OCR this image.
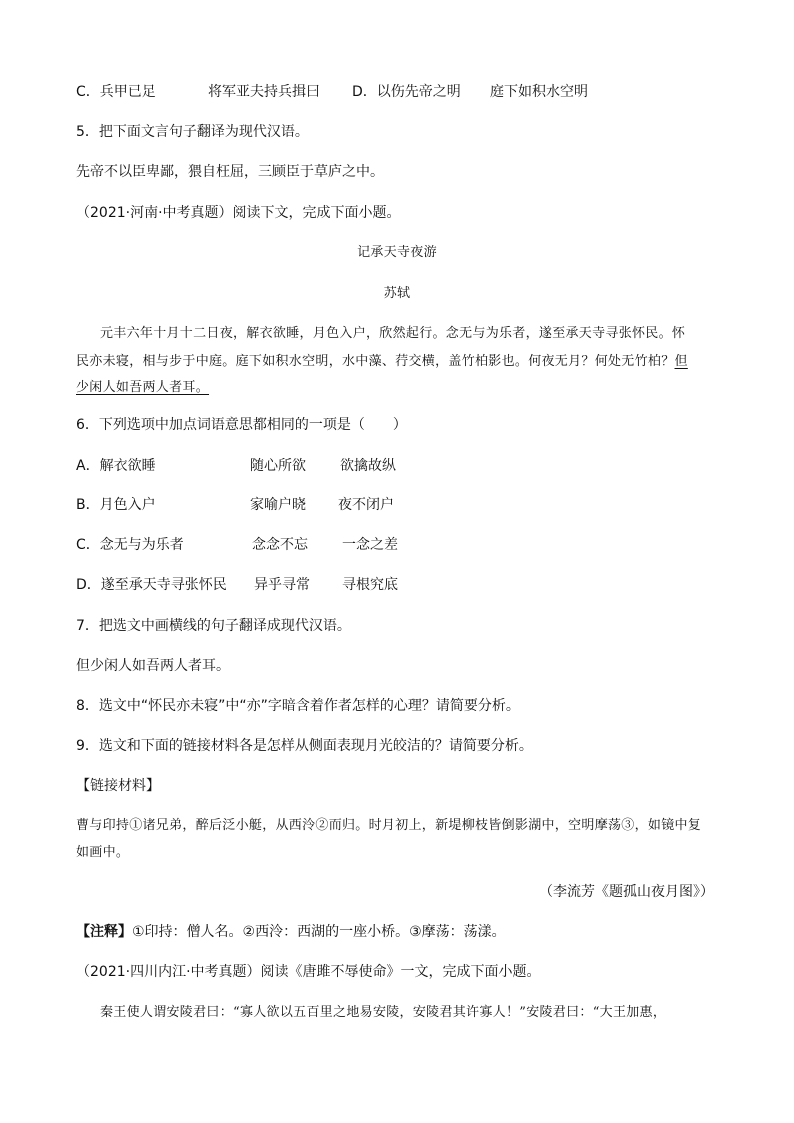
C．兵甲已足	将军亚夫持兵揖曰 D．以伤先帝之明 庭下如积水空明
5．把下面文言句子翻译为现代汉语。
先帝不以臣卑鄙，猥自枉屈，三顾臣于草庐之中。
（2021·河南·中考真题）阅读下文，完成下面小题。
记承天寺夜游
苏轼
元丰六年十月十二日夜，解衣欲睡，月色入户，欣然起行。念无与为乐者，遂至承天寺寻张怀民。怀
民亦未寝，相与步于中庭。庭下如积水空明，水中藻、荇交横，盖竹柏影也。何夜无月？何处无竹柏？但
少闲人如吾两人者耳。
6．下列选项中加点词语意思都相同的一项是（　　）
A．解衣欲睡	随心所欲 欲擒故纵
B．月色入户	家喻户晓 夜不闭户
C．念无与为乐者	念念不忘 一念之差
D．遂至承天寺寻张怀民 异乎寻常 寻根究底
7．把选文中画横线的句子翻译成现代汉语。
但少闲人如吾两人者耳。
8．选文中“怀民亦未寝”中“亦”字暗含着作者怎样的心理？请简要分析。
9．选文和下面的链接材料各是怎样从侧面表现月光皎洁的？请简要分析。
【链接材料】
曹与印持①诸兄弟，醉后泛小艇，从西泠②而归。时月初上，新堤柳枝皆倒影湖中，空明摩荡③，如镜中复
如画中。
（李流芳《题孤山夜月图》）
【注释】①印持：僧人名。②西泠：西湖的一座小桥。③摩荡：荡漾。
（2021·四川内江·中考真题）阅读《唐雎不辱使命》一文，完成下面小题。
秦王使人谓安陵君曰：“寡人欲以五百里之地易安陵，安陵君其许寡人！”安陵君曰：“大王加惠，
